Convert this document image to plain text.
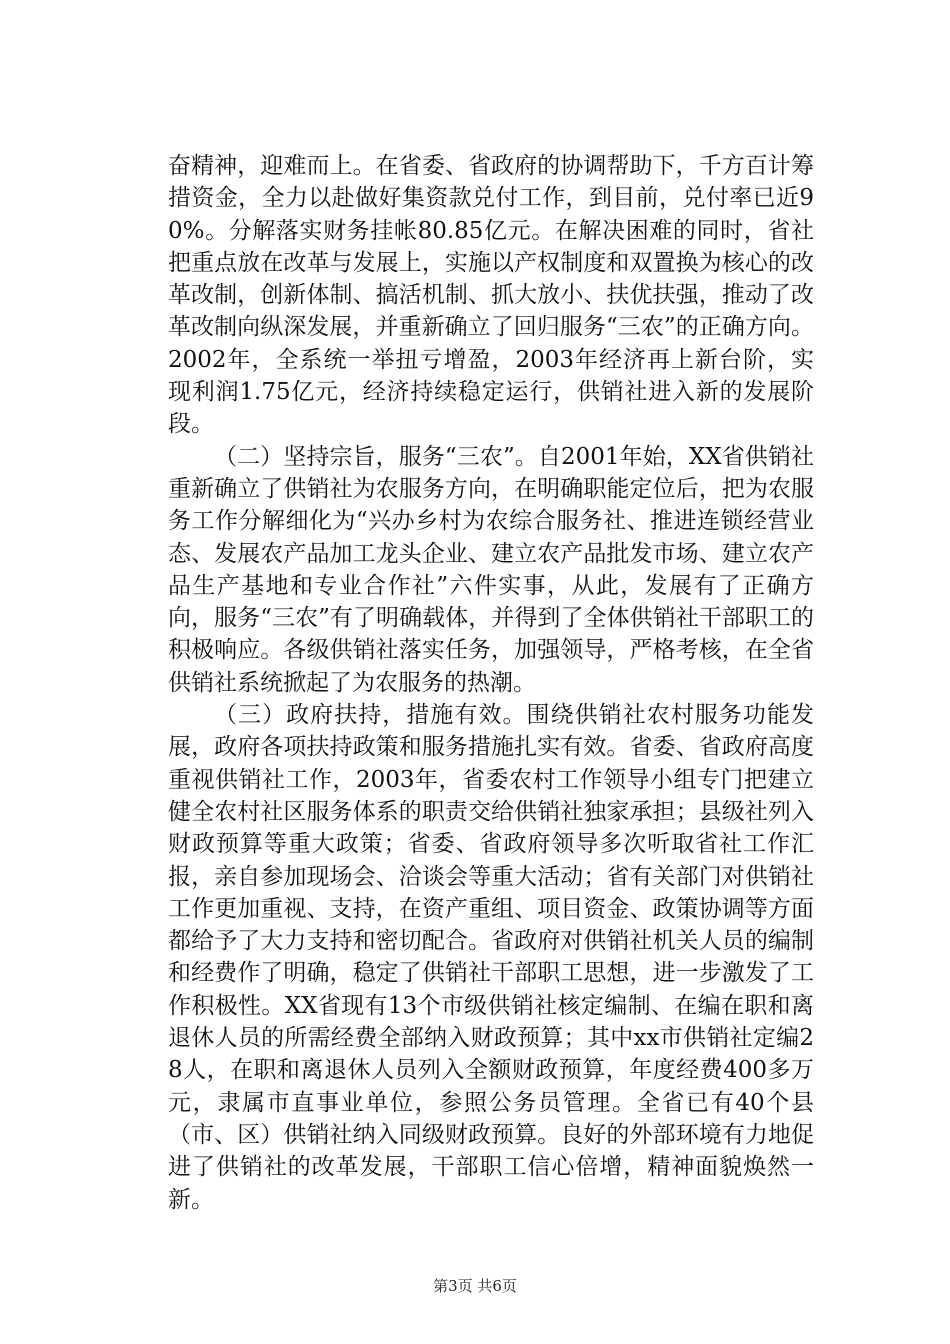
奋精神，迎难而上。在省委、省政府的协调帮助下，千方百计筹措资金，全力以赴做好集资款兑付工作，到目前，兑付率已近90%。分解落实财务挂帐80.85亿元。在解决困难的同时，省社把重点放在改革与发展上，实施以产权制度和双置换为核心的改革改制，创新体制、搞活机制、抓大放小、扶优扶强，推动了改革改制向纵深发展，并重新确立了回归服务“三农”的正确方向。2002年，全系统一举扭亏增盈，2003年经济再上新台阶，实现利润1.75亿元，经济持续稳定运行，供销社进入新的发展阶段。

（二）坚持宗旨，服务“三农”。自2001年始，XX省供销社重新确立了供销社为农服务方向，在明确职能定位后，把为农服务工作分解细化为“兴办乡村为农综合服务社、推进连锁经营业态、发展农产品加工龙头企业、建立农产品批发市场、建立农产品生产基地和专业合作社”六件实事，从此，发展有了正确方向，服务“三农”有了明确载体，并得到了全体供销社干部职工的积极响应。各级供销社落实任务，加强领导，严格考核，在全省供销社系统掀起了为农服务的热潮。

（三）政府扶持，措施有效。围绕供销社农村服务功能发展，政府各项扶持政策和服务措施扎实有效。省委、省政府高度重视供销社工作，2003年，省委农村工作领导小组专门把建立健全农村社区服务体系的职责交给供销社独家承担；县级社列入财政预算等重大政策；省委、省政府领导多次听取省社工作汇报，亲自参加现场会、洽谈会等重大活动；省有关部门对供销社工作更加重视、支持，在资产重组、项目资金、政策协调等方面都给予了大力支持和密切配合。省政府对供销社机关人员的编制和经费作了明确，稳定了供销社干部职工思想，进一步激发了工作积极性。XX省现有13个市级供销社核定编制、在编在职和离退休人员的所需经费全部纳入财政预算；其中xx市供销社定编28人，在职和离退休人员列入全额财政预算，年度经费400多万元，隶属市直事业单位，参照公务员管理。全省已有40个县（市、区）供销社纳入同级财政预算。良好的外部环境有力地促进了供销社的改革发展，干部职工信心倍增，精神面貌焕然一新。

第3页 共6页
